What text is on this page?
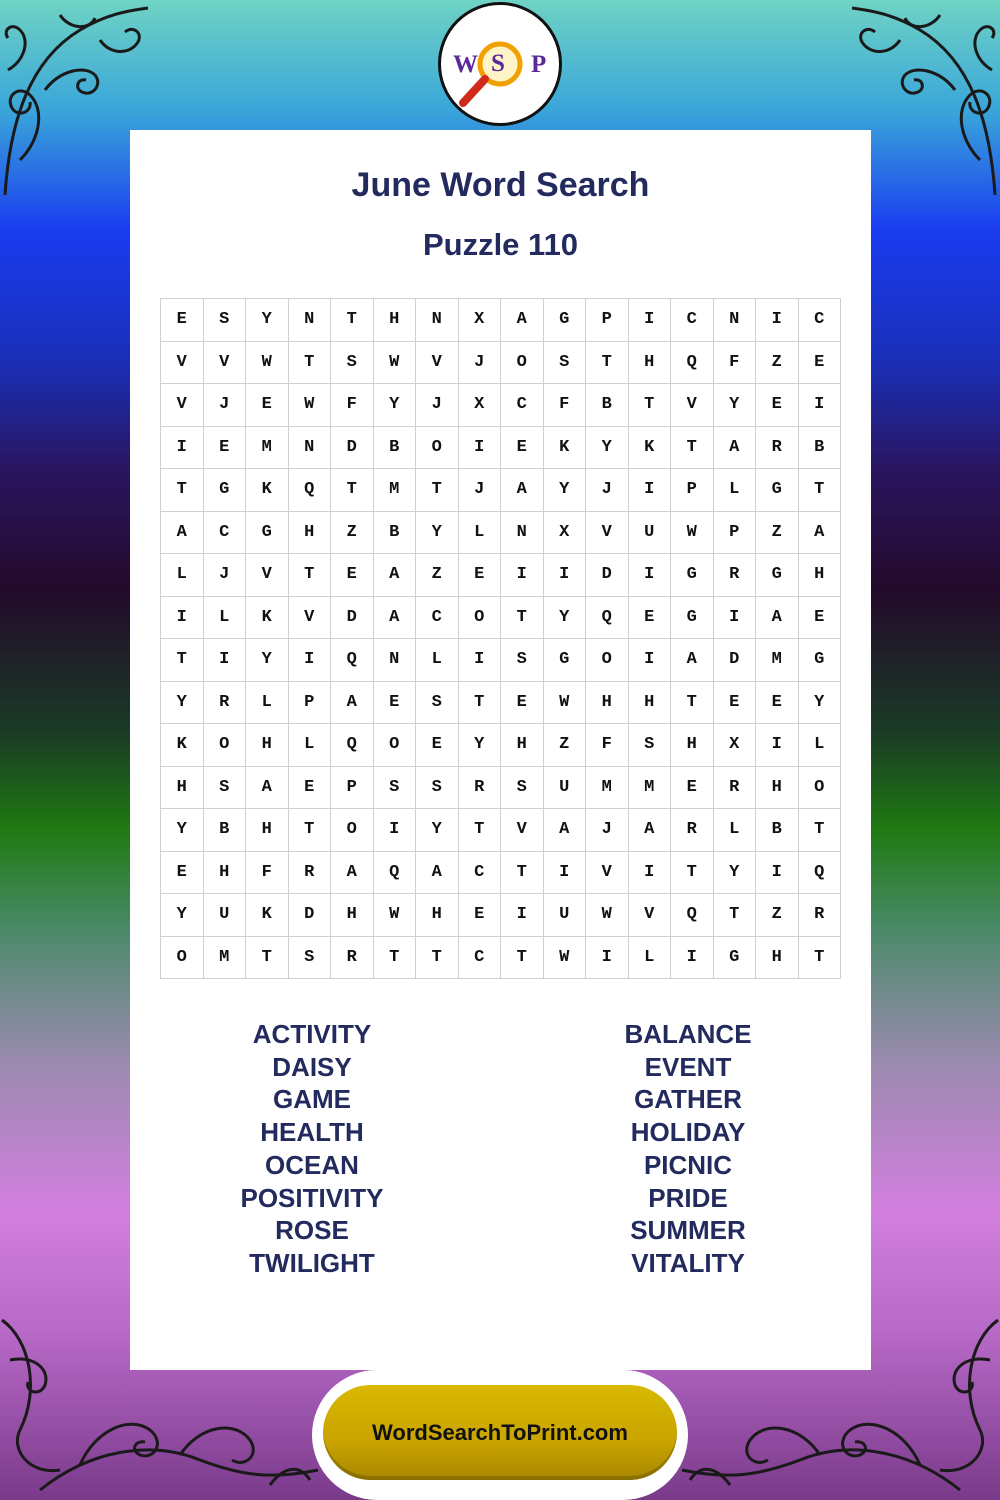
W S P
June Word Search
Puzzle 110
E	S	Y	N	T	H	N	X	A	G	P	I	C	N	I	C
V	V	W	T	S	W	V	J	O	S	T	H	Q	F	Z	E
V	J	E	W	F	Y	J	X	C	F	B	T	V	Y	E	I
I	E	M	N	D	B	O	I	E	K	Y	K	T	A	R	B
T	G	K	Q	T	M	T	J	A	Y	J	I	P	L	G	T
A	C	G	H	Z	B	Y	L	N	X	V	U	W	P	Z	A
L	J	V	T	E	A	Z	E	I	I	D	I	G	R	G	H
I	L	K	V	D	A	C	O	T	Y	Q	E	G	I	A	E
T	I	Y	I	Q	N	L	I	S	G	O	I	A	D	M	G
Y	R	L	P	A	E	S	T	E	W	H	H	T	E	E	Y
K	O	H	L	Q	O	E	Y	H	Z	F	S	H	X	I	L
H	S	A	E	P	S	S	R	S	U	M	M	E	R	H	O
Y	B	H	T	O	I	Y	T	V	A	J	A	R	L	B	T
E	H	F	R	A	Q	A	C	T	I	V	I	T	Y	I	Q
Y	U	K	D	H	W	H	E	I	U	W	V	Q	T	Z	R
O	M	T	S	R	T	T	C	T	W	I	L	I	G	H	T
ACTIVITY
DAISY
GAME
HEALTH
OCEAN
POSITIVITY
ROSE
TWILIGHT
BALANCE
EVENT
GATHER
HOLIDAY
PICNIC
PRIDE
SUMMER
VITALITY
WordSearchToPrint.com
